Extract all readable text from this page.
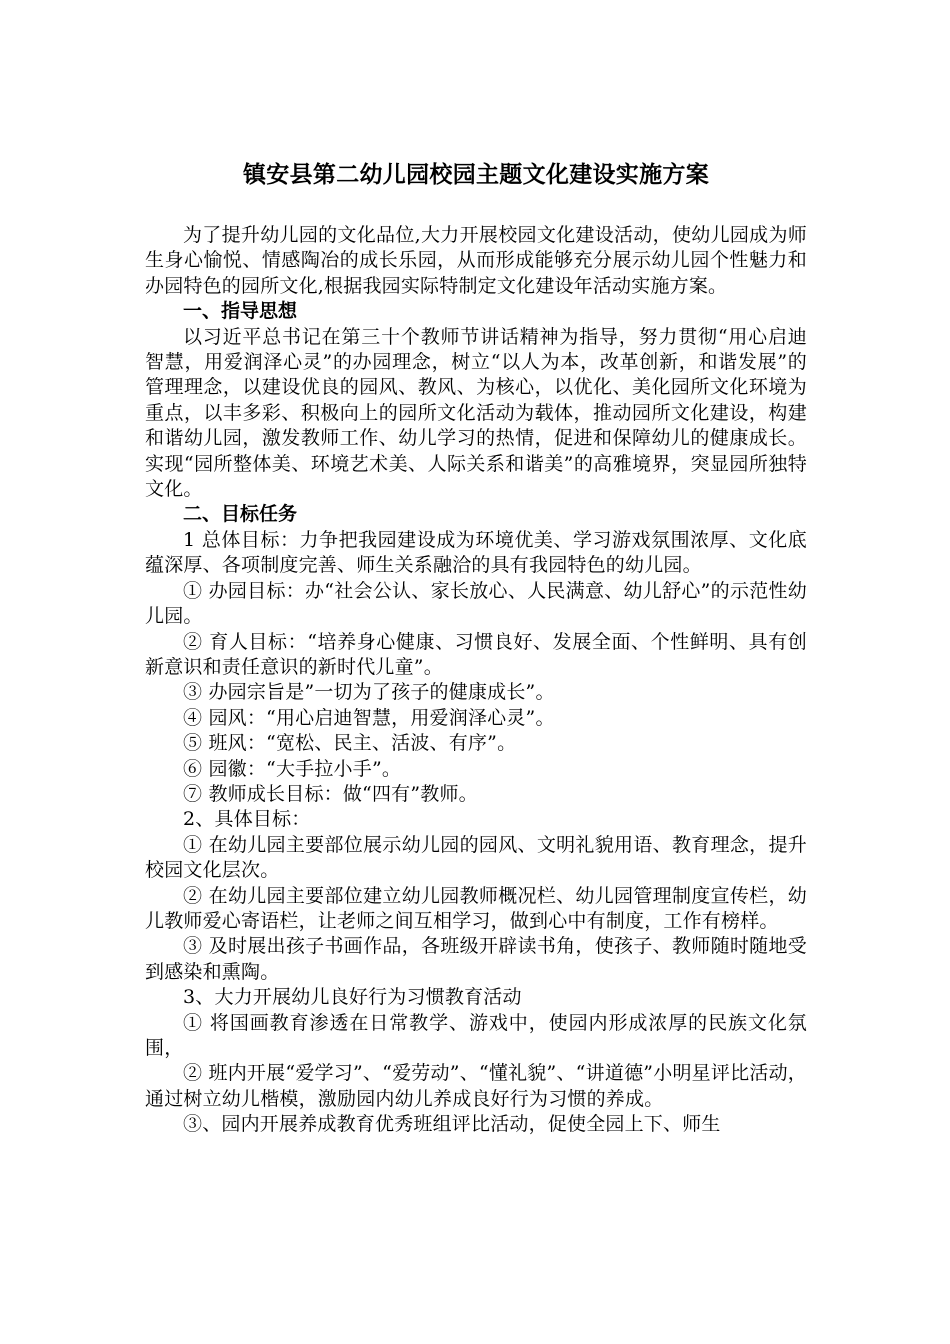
镇安县第二幼儿园校园主题文化建设实施方案

为了提升幼儿园的文化品位,大力开展校园文化建设活动，使幼儿园成为师生身心愉悦、情感陶冶的成长乐园，从而形成能够充分展示幼儿园个性魅力和办园特色的园所文化,根据我园实际特制定文化建设年活动实施方案。

一、指导思想

以习近平总书记在第三十个教师节讲话精神为指导，努力贯彻“用心启迪智慧，用爱润泽心灵”的办园理念，树立“以人为本，改革创新，和谐发展”的管理理念，以建设优良的园风、教风、为核心，以优化、美化园所文化环境为重点，以丰多彩、积极向上的园所文化活动为载体，推动园所文化建设，构建和谐幼儿园，激发教师工作、幼儿学习的热情，促进和保障幼儿的健康成长。实现“园所整体美、环境艺术美、人际关系和谐美”的高雅境界，突显园所独特文化。

二、目标任务

1 总体目标：力争把我园建设成为环境优美、学习游戏氛围浓厚、文化底蕴深厚、各项制度完善、师生关系融洽的具有我园特色的幼儿园。

① 办园目标：办“社会公认、家长放心、人民满意、幼儿舒心”的示范性幼儿园。

② 育人目标：“培养身心健康、习惯良好、发展全面、个性鲜明、具有创新意识和责任意识的新时代儿童”。

③ 办园宗旨是”一切为了孩子的健康成长”。

④ 园风：“用心启迪智慧，用爱润泽心灵”。

⑤ 班风：“宽松、民主、活波、有序”。

⑥ 园徽：“大手拉小手”。

⑦ 教师成长目标：做“四有”教师。

2、具体目标：

① 在幼儿园主要部位展示幼儿园的园风、文明礼貌用语、教育理念，提升校园文化层次。

② 在幼儿园主要部位建立幼儿园教师概况栏、幼儿园管理制度宣传栏，幼儿教师爱心寄语栏，让老师之间互相学习，做到心中有制度，工作有榜样。

③ 及时展出孩子书画作品，各班级开辟读书角，使孩子、教师随时随地受到感染和熏陶。

3、大力开展幼儿良好行为习惯教育活动

① 将国画教育渗透在日常教学、游戏中，使园内形成浓厚的民族文化氛围，

② 班内开展“爱学习”、“爱劳动”、“懂礼貌”、“讲道德”小明星评比活动，通过树立幼儿楷模，激励园内幼儿养成良好行为习惯的养成。

③、园内开展养成教育优秀班组评比活动，促使全园上下、师生
